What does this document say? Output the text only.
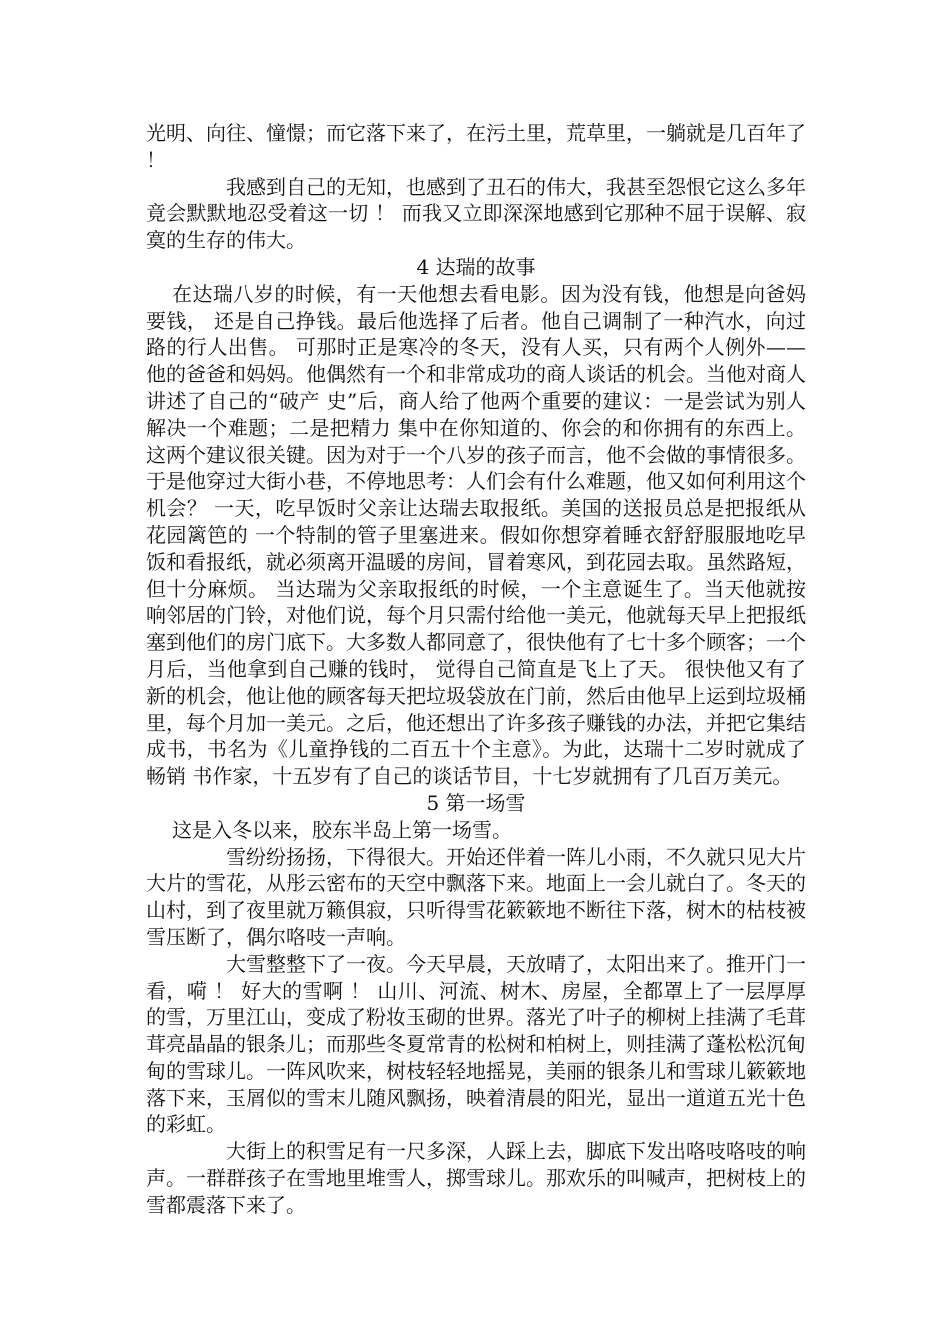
光明、向往、憧憬；而它落下来了，在污土里，荒草里，一躺就是几百年了 ！

我感到自己的无知，也感到了丑石的伟大，我甚至怨恨它这么多年竟会默默地忍受着这一切 ！ 而我又立即深深地感到它那种不屈于误解、寂寞的生存的伟大。

4 达瑞的故事

在达瑞八岁的时候，有一天他想去看电影。因为没有钱，他想是向爸妈要钱， 还是自己挣钱。最后他选择了后者。他自己调制了一种汽水，向过路的行人出售。 可那时正是寒冷的冬天，没有人买，只有两个人例外——他的爸爸和妈妈。他偶然有一个和非常成功的商人谈话的机会。当他对商人讲述了自己的“破产 史”后，商人给了他两个重要的建议：一是尝试为别人解决一个难题；二是把精力 集中在你知道的、你会的和你拥有的东西上。这两个建议很关键。因为对于一个八岁的孩子而言，他不会做的事情很多。于是他穿过大街小巷，不停地思考：人们会有什么难题，他又如何利用这个机会？ 一天，吃早饭时父亲让达瑞去取报纸。美国的送报员总是把报纸从花园篱笆的 一个特制的管子里塞进来。假如你想穿着睡衣舒舒服服地吃早饭和看报纸，就必须离开温暖的房间，冒着寒风，到花园去取。虽然路短，但十分麻烦。 当达瑞为父亲取报纸的时候，一个主意诞生了。当天他就按响邻居的门铃，对他们说，每个月只需付给他一美元，他就每天早上把报纸塞到他们的房门底下。大多数人都同意了，很快他有了七十多个顾客；一个月后，当他拿到自己赚的钱时， 觉得自己简直是飞上了天。 很快他又有了新的机会，他让他的顾客每天把垃圾袋放在门前，然后由他早上运到垃圾桶里，每个月加一美元。之后，他还想出了许多孩子赚钱的办法，并把它集结成书，书名为《儿童挣钱的二百五十个主意》。为此，达瑞十二岁时就成了畅销 书作家，十五岁有了自己的谈话节目，十七岁就拥有了几百万美元。

5 第一场雪

这是入冬以来，胶东半岛上第一场雪。

雪纷纷扬扬，下得很大。开始还伴着一阵儿小雨，不久就只见大片大片的雪花，从彤云密布的天空中飘落下来。地面上一会儿就白了。冬天的山村，到了夜里就万籁俱寂，只听得雪花簌簌地不断往下落，树木的枯枝被雪压断了，偶尔咯吱一声响。

大雪整整下了一夜。今天早晨，天放晴了，太阳出来了。推开门一看，嗬 ！ 好大的雪啊 ！ 山川、河流、树木、房屋，全都罩上了一层厚厚的雪，万里江山，变成了粉妆玉砌的世界。落光了叶子的柳树上挂满了毛茸茸亮晶晶的银条儿；而那些冬夏常青的松树和柏树上，则挂满了蓬松松沉甸甸的雪球儿。一阵风吹来，树枝轻轻地摇晃，美丽的银条儿和雪球儿簌簌地落下来，玉屑似的雪末儿随风飘扬，映着清晨的阳光，显出一道道五光十色的彩虹。

大街上的积雪足有一尺多深，人踩上去，脚底下发出咯吱咯吱的响声。一群群孩子在雪地里堆雪人，掷雪球儿。那欢乐的叫喊声，把树枝上的雪都震落下来了。
